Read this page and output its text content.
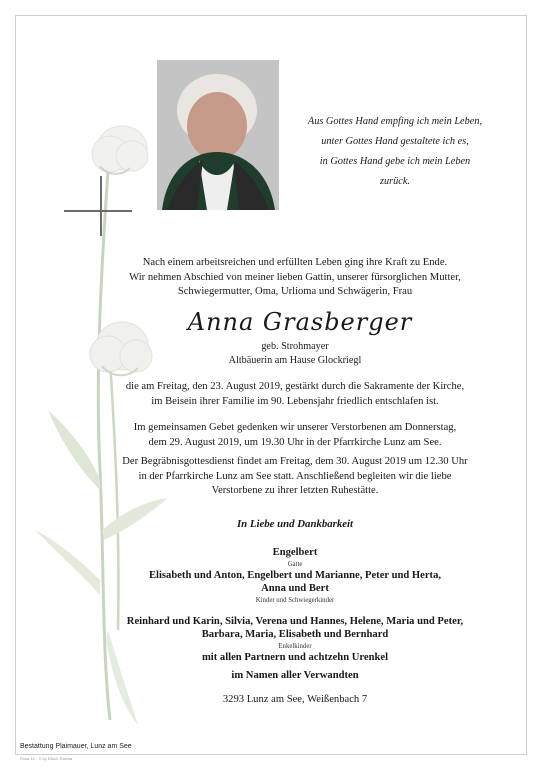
Aus Gottes Hand empfing ich mein Leben,
unter Gottes Hand gestaltete ich es,
in Gottes Hand gebe ich mein Leben
zurück.
Nach einem arbeitsreichen und erfüllten Leben ging ihre Kraft zu Ende.
Wir nehmen Abschied von meiner lieben Gattin, unserer fürsorglichen Mutter,
Schwiegermutter, Oma, Urlioma und Schwägerin, Frau
Anna Grasberger
geb. Strohmayer
Altbäuerin am Hause Glockriegl
die am Freitag, den 23. August 2019, gestärkt durch die Sakramente der Kirche,
im Beisein ihrer Familie im 90. Lebensjahr friedlich entschlafen ist.
Im gemeinsamen Gebet gedenken wir unserer Verstorbenen am Donnerstag,
dem 29. August 2019, um 19.30 Uhr in der Pfarrkirche Lunz am See.
Der Begräbnisgottesdienst findet am Freitag, dem 30. August 2019 um 12.30 Uhr
in der Pfarrkirche Lunz am See statt. Anschließend begleiten wir die liebe
Verstorbene zu ihrer letzten Ruhestätte.
In Liebe und Dankbarkeit
Engelbert
Gatte
Elisabeth und Anton, Engelbert und Marianne, Peter und Herta,
Anna und Bert
Kinder und Schwiegerkinder
Reinhard und Karin, Silvia, Verena und Hannes, Helene, Maria und Peter,
Barbara, Maria, Elisabeth und Bernhard
Enkelkinder
mit allen Partnern und achtzehn Urenkel
im Namen aller Verwandten
3293 Lunz am See, Weißenbach 7
Bestattung Plaimauer, Lunz am See
Rosa 10 - © by Elisch Rainka
